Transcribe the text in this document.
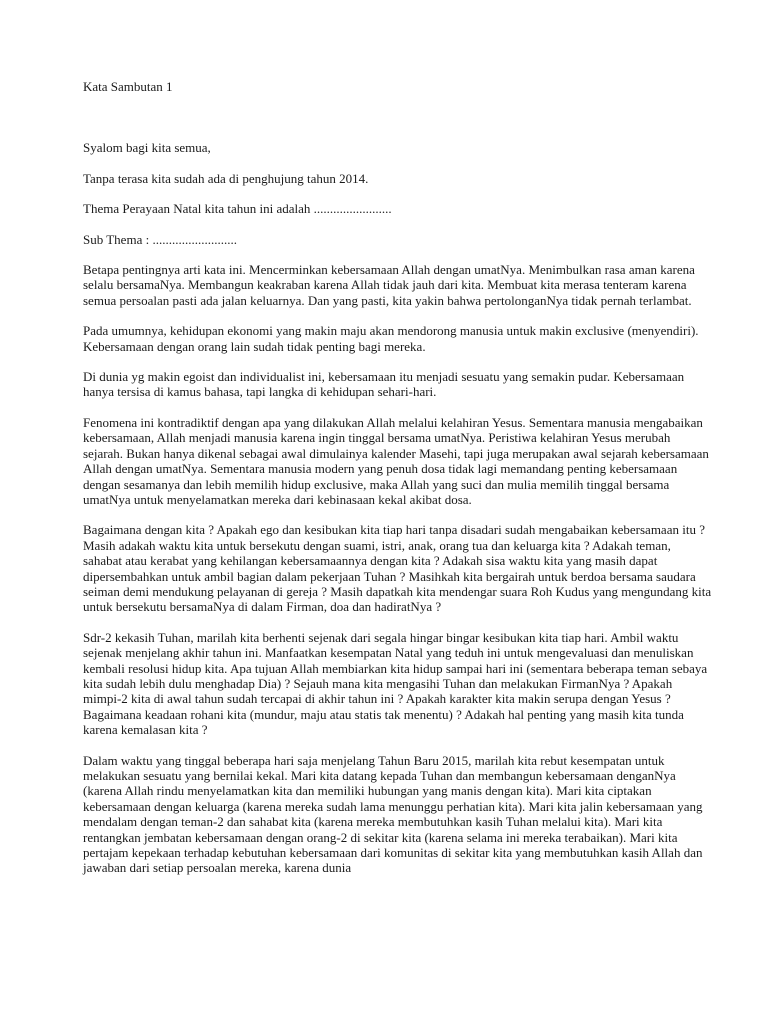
Kata Sambutan 1

Syalom bagi kita semua,

Tanpa terasa kita sudah ada di penghujung tahun 2014.

Thema Perayaan Natal kita tahun ini adalah ........................

Sub Thema : ..........................

Betapa pentingnya arti kata ini. Mencerminkan kebersamaan Allah dengan umatNya. Menimbulkan rasa aman karena selalu bersamaNya. Membangun keakraban karena Allah tidak jauh dari kita. Membuat kita merasa tenteram karena semua persoalan pasti ada jalan keluarnya. Dan yang pasti, kita yakin bahwa pertolonganNya tidak pernah terlambat.

Pada umumnya, kehidupan ekonomi yang makin maju akan mendorong manusia untuk makin exclusive (menyendiri). Kebersamaan dengan orang lain sudah tidak penting bagi mereka.

Di dunia yg makin egoist dan individualist ini, kebersamaan itu menjadi sesuatu yang semakin pudar. Kebersamaan hanya tersisa di kamus bahasa, tapi langka di kehidupan sehari-hari.

Fenomena ini kontradiktif dengan apa yang dilakukan Allah melalui kelahiran Yesus. Sementara manusia mengabaikan kebersamaan, Allah menjadi manusia karena ingin tinggal bersama umatNya. Peristiwa kelahiran Yesus merubah sejarah. Bukan hanya dikenal sebagai awal dimulainya kalender Masehi, tapi juga merupakan awal sejarah kebersamaan Allah dengan umatNya. Sementara manusia modern yang penuh dosa tidak lagi memandang penting kebersamaan dengan sesamanya dan lebih memilih hidup exclusive, maka Allah yang suci dan mulia memilih tinggal bersama umatNya untuk menyelamatkan mereka dari kebinasaan kekal akibat dosa.

Bagaimana dengan kita ? Apakah ego dan kesibukan kita tiap hari tanpa disadari sudah mengabaikan kebersamaan itu ? Masih adakah waktu kita untuk bersekutu dengan suami, istri, anak, orang tua dan keluarga kita ? Adakah teman, sahabat atau kerabat yang kehilangan kebersamaannya dengan kita ? Adakah sisa waktu kita yang masih dapat dipersembahkan untuk ambil bagian dalam pekerjaan Tuhan ? Masihkah kita bergairah untuk berdoa bersama saudara seiman demi mendukung pelayanan di gereja ? Masih dapatkah kita mendengar suara Roh Kudus yang mengundang kita untuk bersekutu bersamaNya di dalam Firman, doa dan hadiratNya ?

Sdr-2 kekasih Tuhan, marilah kita berhenti sejenak dari segala hingar bingar kesibukan kita tiap hari. Ambil waktu sejenak menjelang akhir tahun ini. Manfaatkan kesempatan Natal yang teduh ini untuk mengevaluasi dan menuliskan kembali resolusi hidup kita. Apa tujuan Allah membiarkan kita hidup sampai hari ini (sementara beberapa teman sebaya kita sudah lebih dulu menghadap Dia) ? Sejauh mana kita mengasihi Tuhan dan melakukan FirmanNya ? Apakah mimpi-2 kita di awal tahun sudah tercapai di akhir tahun ini ? Apakah karakter kita makin serupa dengan Yesus ? Bagaimana keadaan rohani kita (mundur, maju atau statis tak menentu) ? Adakah hal penting yang masih kita tunda karena kemalasan kita ?

Dalam waktu yang tinggal beberapa hari saja menjelang Tahun Baru 2015, marilah kita rebut kesempatan untuk melakukan sesuatu yang bernilai kekal. Mari kita datang kepada Tuhan dan membangun kebersamaan denganNya (karena Allah rindu menyelamatkan kita dan memiliki hubungan yang manis dengan kita). Mari kita ciptakan kebersamaan dengan keluarga (karena mereka sudah lama menunggu perhatian kita). Mari kita jalin kebersamaan yang mendalam dengan teman-2 dan sahabat kita (karena mereka membutuhkan kasih Tuhan melalui kita). Mari kita rentangkan jembatan kebersamaan dengan orang-2 di sekitar kita (karena selama ini mereka terabaikan). Mari kita pertajam kepekaan terhadap kebutuhan kebersamaan dari komunitas di sekitar kita yang membutuhkan kasih Allah dan jawaban dari setiap persoalan mereka, karena dunia
